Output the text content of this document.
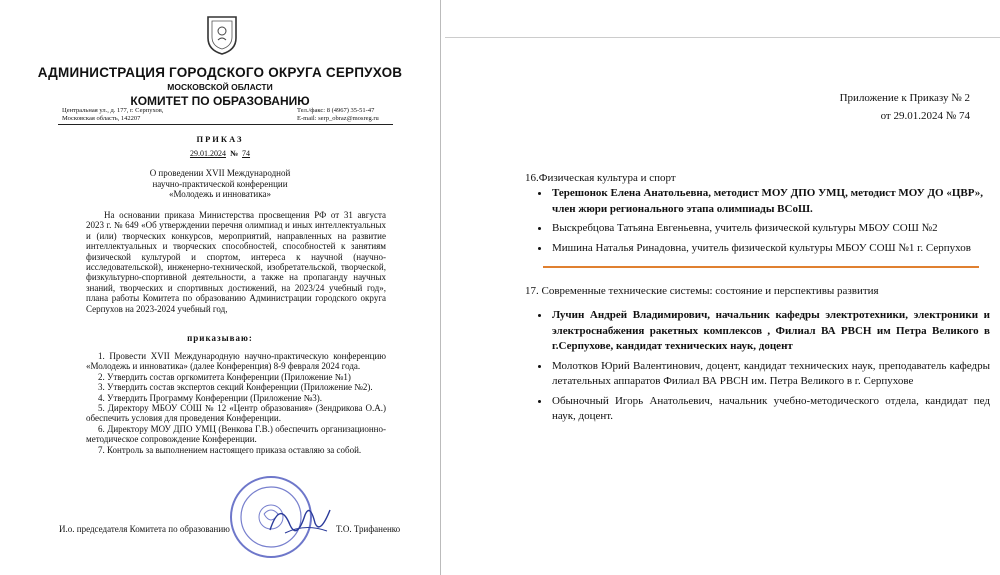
АДМИНИСТРАЦИЯ ГОРОДСКОГО ОКРУГА СЕРПУХОВ

МОСКОВСКОЙ ОБЛАСТИ

КОМИТЕТ ПО ОБРАЗОВАНИЮ

Центральная ул., д. 177, г. Серпухов,
Московская область, 142207
Тел./факс: 8 (4967) 35-51-47
E-mail: serp_obraz@mosreg.ru

ПРИКАЗ

29.01.2024 № 74

О проведении XVII Международной
научно-практической конференции
«Молодежь и инноватика»

На основании приказа Министерства просвещения РФ от 31 августа 2023 г. № 649 «Об утверждении перечня олимпиад и иных интеллектуальных и (или) творческих конкурсов, мероприятий, направленных на развитие интеллектуальных и творческих способностей, способностей к занятиям физической культурой и спортом, интереса к научной (научно-исследовательской), инженерно-технической, изобретательской, творческой, физкультурно-спортивной деятельности, а также на пропаганду научных знаний, творческих и спортивных достижений, на 2023/24 учебный год», плана работы Комитета по образованию Администрации городского округа Серпухов на 2023-2024 учебный год,

приказываю:

1. Провести XVII Международную научно-практическую конференцию «Молодежь и инноватика» (далее Конференция) 8-9 февраля 2024 года.
2. Утвердить состав оргкомитета Конференции (Приложение №1)
3. Утвердить состав экспертов секций Конференции (Приложение №2).
4. Утвердить Программу Конференции (Приложение №3).
5. Директору МБОУ СОШ № 12 «Центр образования» (Зендрикова О.А.) обеспечить условия для проведения Конференции.
6. Директору МОУ ДПО УМЦ (Венкова Г.В.) обеспечить организационно-методическое сопровождение Конференции.
7. Контроль за выполнением настоящего приказа оставляю за собой.

И.о. председателя Комитета по образованию	Т.О. Трифаненко

Приложение к Приказу № 2

от 29.01.2024 № 74

16.Физическая культура и спорт

• Терешонок Елена Анатольевна, методист МОУ ДПО УМЦ, методист МОУ ДО «ЦВР», член жюри регионального этапа олимпиады ВСоШ.
• Выскребцова Татьяна Евгеньевна, учитель физической культуры МБОУ СОШ №2
• Мишина Наталья Ринадовна, учитель физической культуры МБОУ СОШ №1 г. Серпухов

17. Современные технические системы: состояние и перспективы развития

• Лучин Андрей Владимирович, начальник кафедры электротехники, электроники и электроснабжения ракетных комплексов , Филиал ВА РВСН им Петра Великого в г.Серпухове, кандидат технических наук, доцент
• Молотков Юрий Валентинович, доцент, кандидат технических наук, преподаватель кафедры летательных аппаратов Филиал ВА РВСН им. Петра Великого в г. Серпухове
• Обыночный Игорь Анатольевич, начальник учебно-методического отдела, кандидат пед наук, доцент.
